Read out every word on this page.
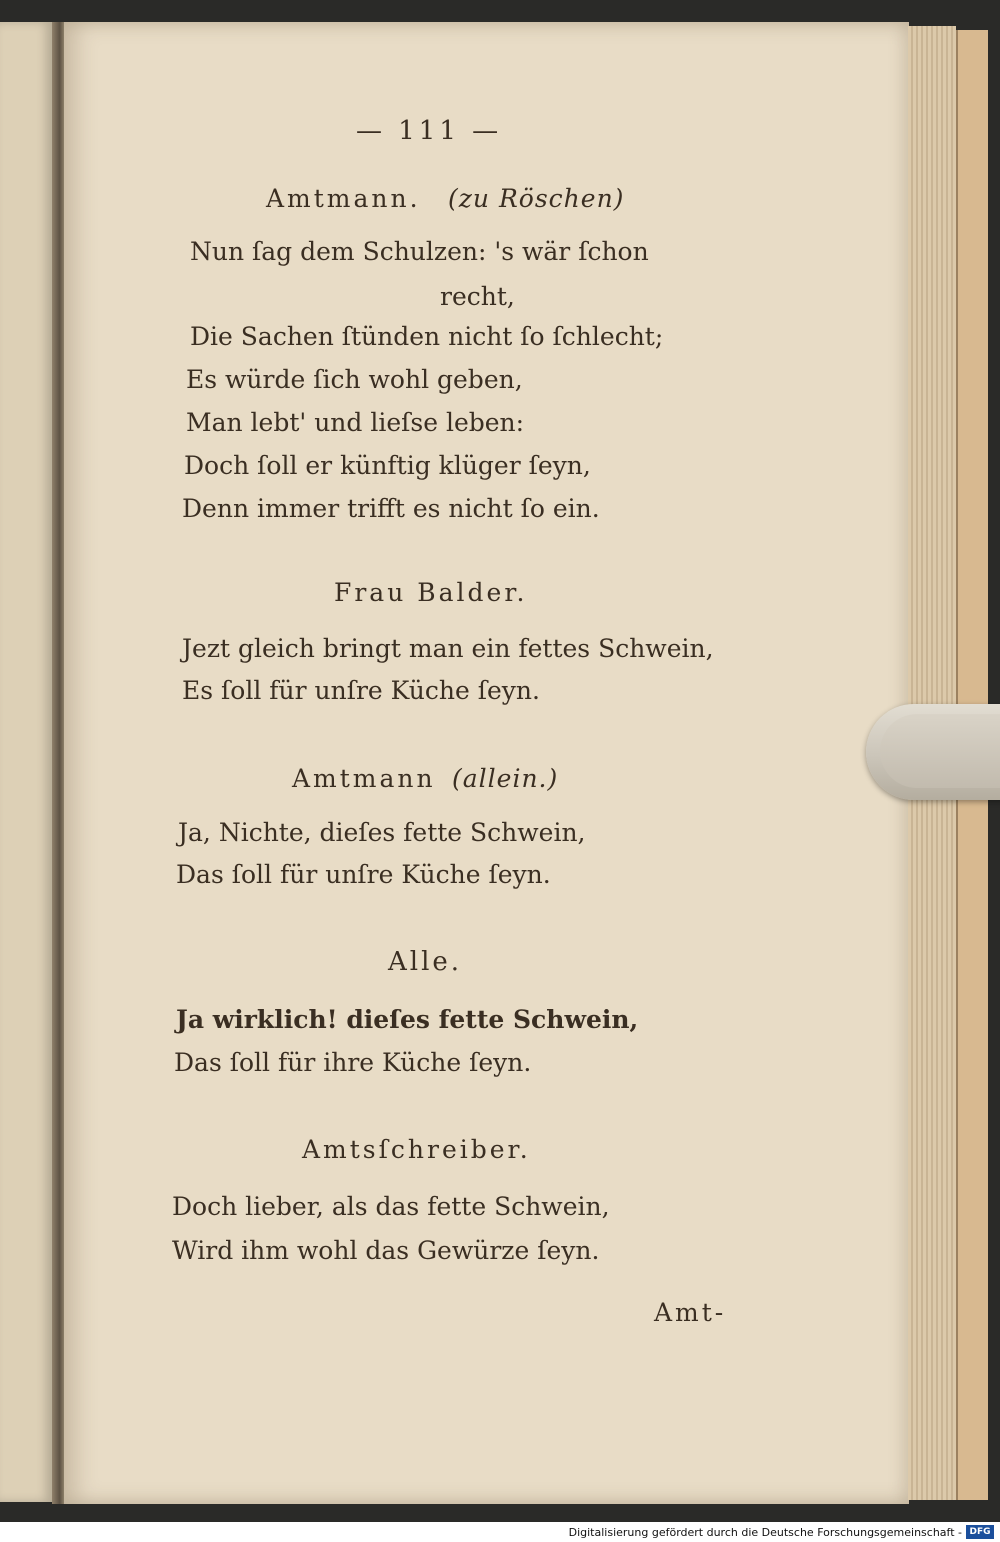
— 111 —
Amtmann. (zu Röschen)
Nun ſag dem Schulzen: 's wär ſchon
recht,
Die Sachen ſtünden nicht ſo ſchlecht;
Es würde ſich wohl geben,
Man lebt' und lieſse leben:
Doch ſoll er künftig klüger ſeyn,
Denn immer trifft es nicht ſo ein.
Frau Balder.
Jezt gleich bringt man ein fettes Schwein,
Es ſoll für unſre Küche ſeyn.
Amtmann (allein.)
Ja, Nichte, dieſes fette Schwein,
Das ſoll für unſre Küche ſeyn.
Alle.
Ja wirklich! dieſes fette Schwein,
Das ſoll für ihre Küche ſeyn.
Amtsſchreiber.
Doch lieber, als das fette Schwein,
Wird ihm wohl das Gewürze ſeyn.
Amt-
Digitalisierung gefördert durch die Deutsche Forschungsgemeinschaft - DFG
